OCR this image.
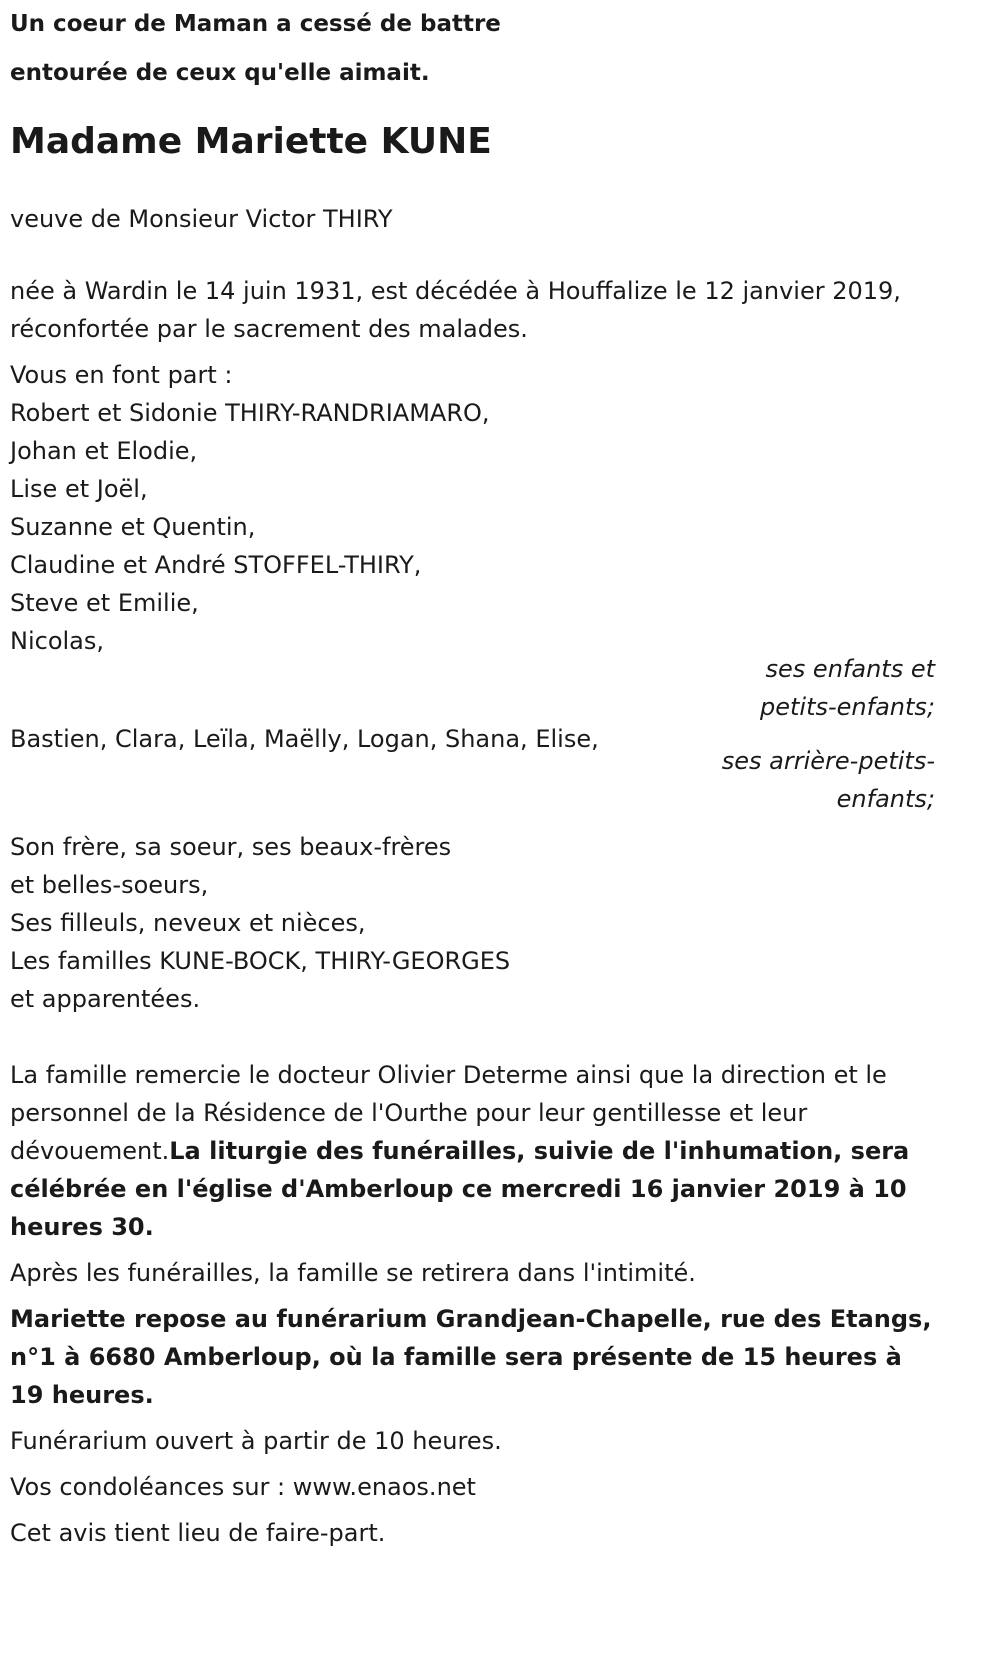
Un coeur de Maman a cessé de battre
entourée de ceux qu'elle aimait.
Madame Mariette KUNE

veuve de Monsieur Victor THIRY

née à Wardin le 14 juin 1931, est décédée à Houffalize le 12 janvier 2019,
réconfortée par le sacrement des malades.

Vous en font part :
Robert et Sidonie THIRY-RANDRIAMARO,
Johan et Elodie,
Lise et Joël,
Suzanne et Quentin,
Claudine et André STOFFEL-THIRY,
Steve et Emilie,
Nicolas,

ses enfants et
petits-enfants;

Bastien, Clara, Leïla, Maëlly, Logan, Shana, Elise,

ses arrière-petits-
enfants;

Son frère, sa soeur, ses beaux-frères
et belles-soeurs,
Ses filleuls, neveux et nièces,
Les familles KUNE-BOCK, THIRY-GEORGES
et apparentées.

La famille remercie le docteur Olivier Determe ainsi que la direction et le personnel de la Résidence de l'Ourthe pour leur gentillesse et leur dévouement.La liturgie des funérailles, suivie de l'inhumation, sera célébrée en l'église d'Amberloup ce mercredi 16 janvier 2019 à 10 heures 30.

Après les funérailles, la famille se retirera dans l'intimité.

Mariette repose au funérarium Grandjean-Chapelle, rue des Etangs, n°1 à 6680 Amberloup, où la famille sera présente de 15 heures à 19 heures.

Funérarium ouvert à partir de 10 heures.

Vos condoléances sur : www.enaos.net

Cet avis tient lieu de faire-part.
